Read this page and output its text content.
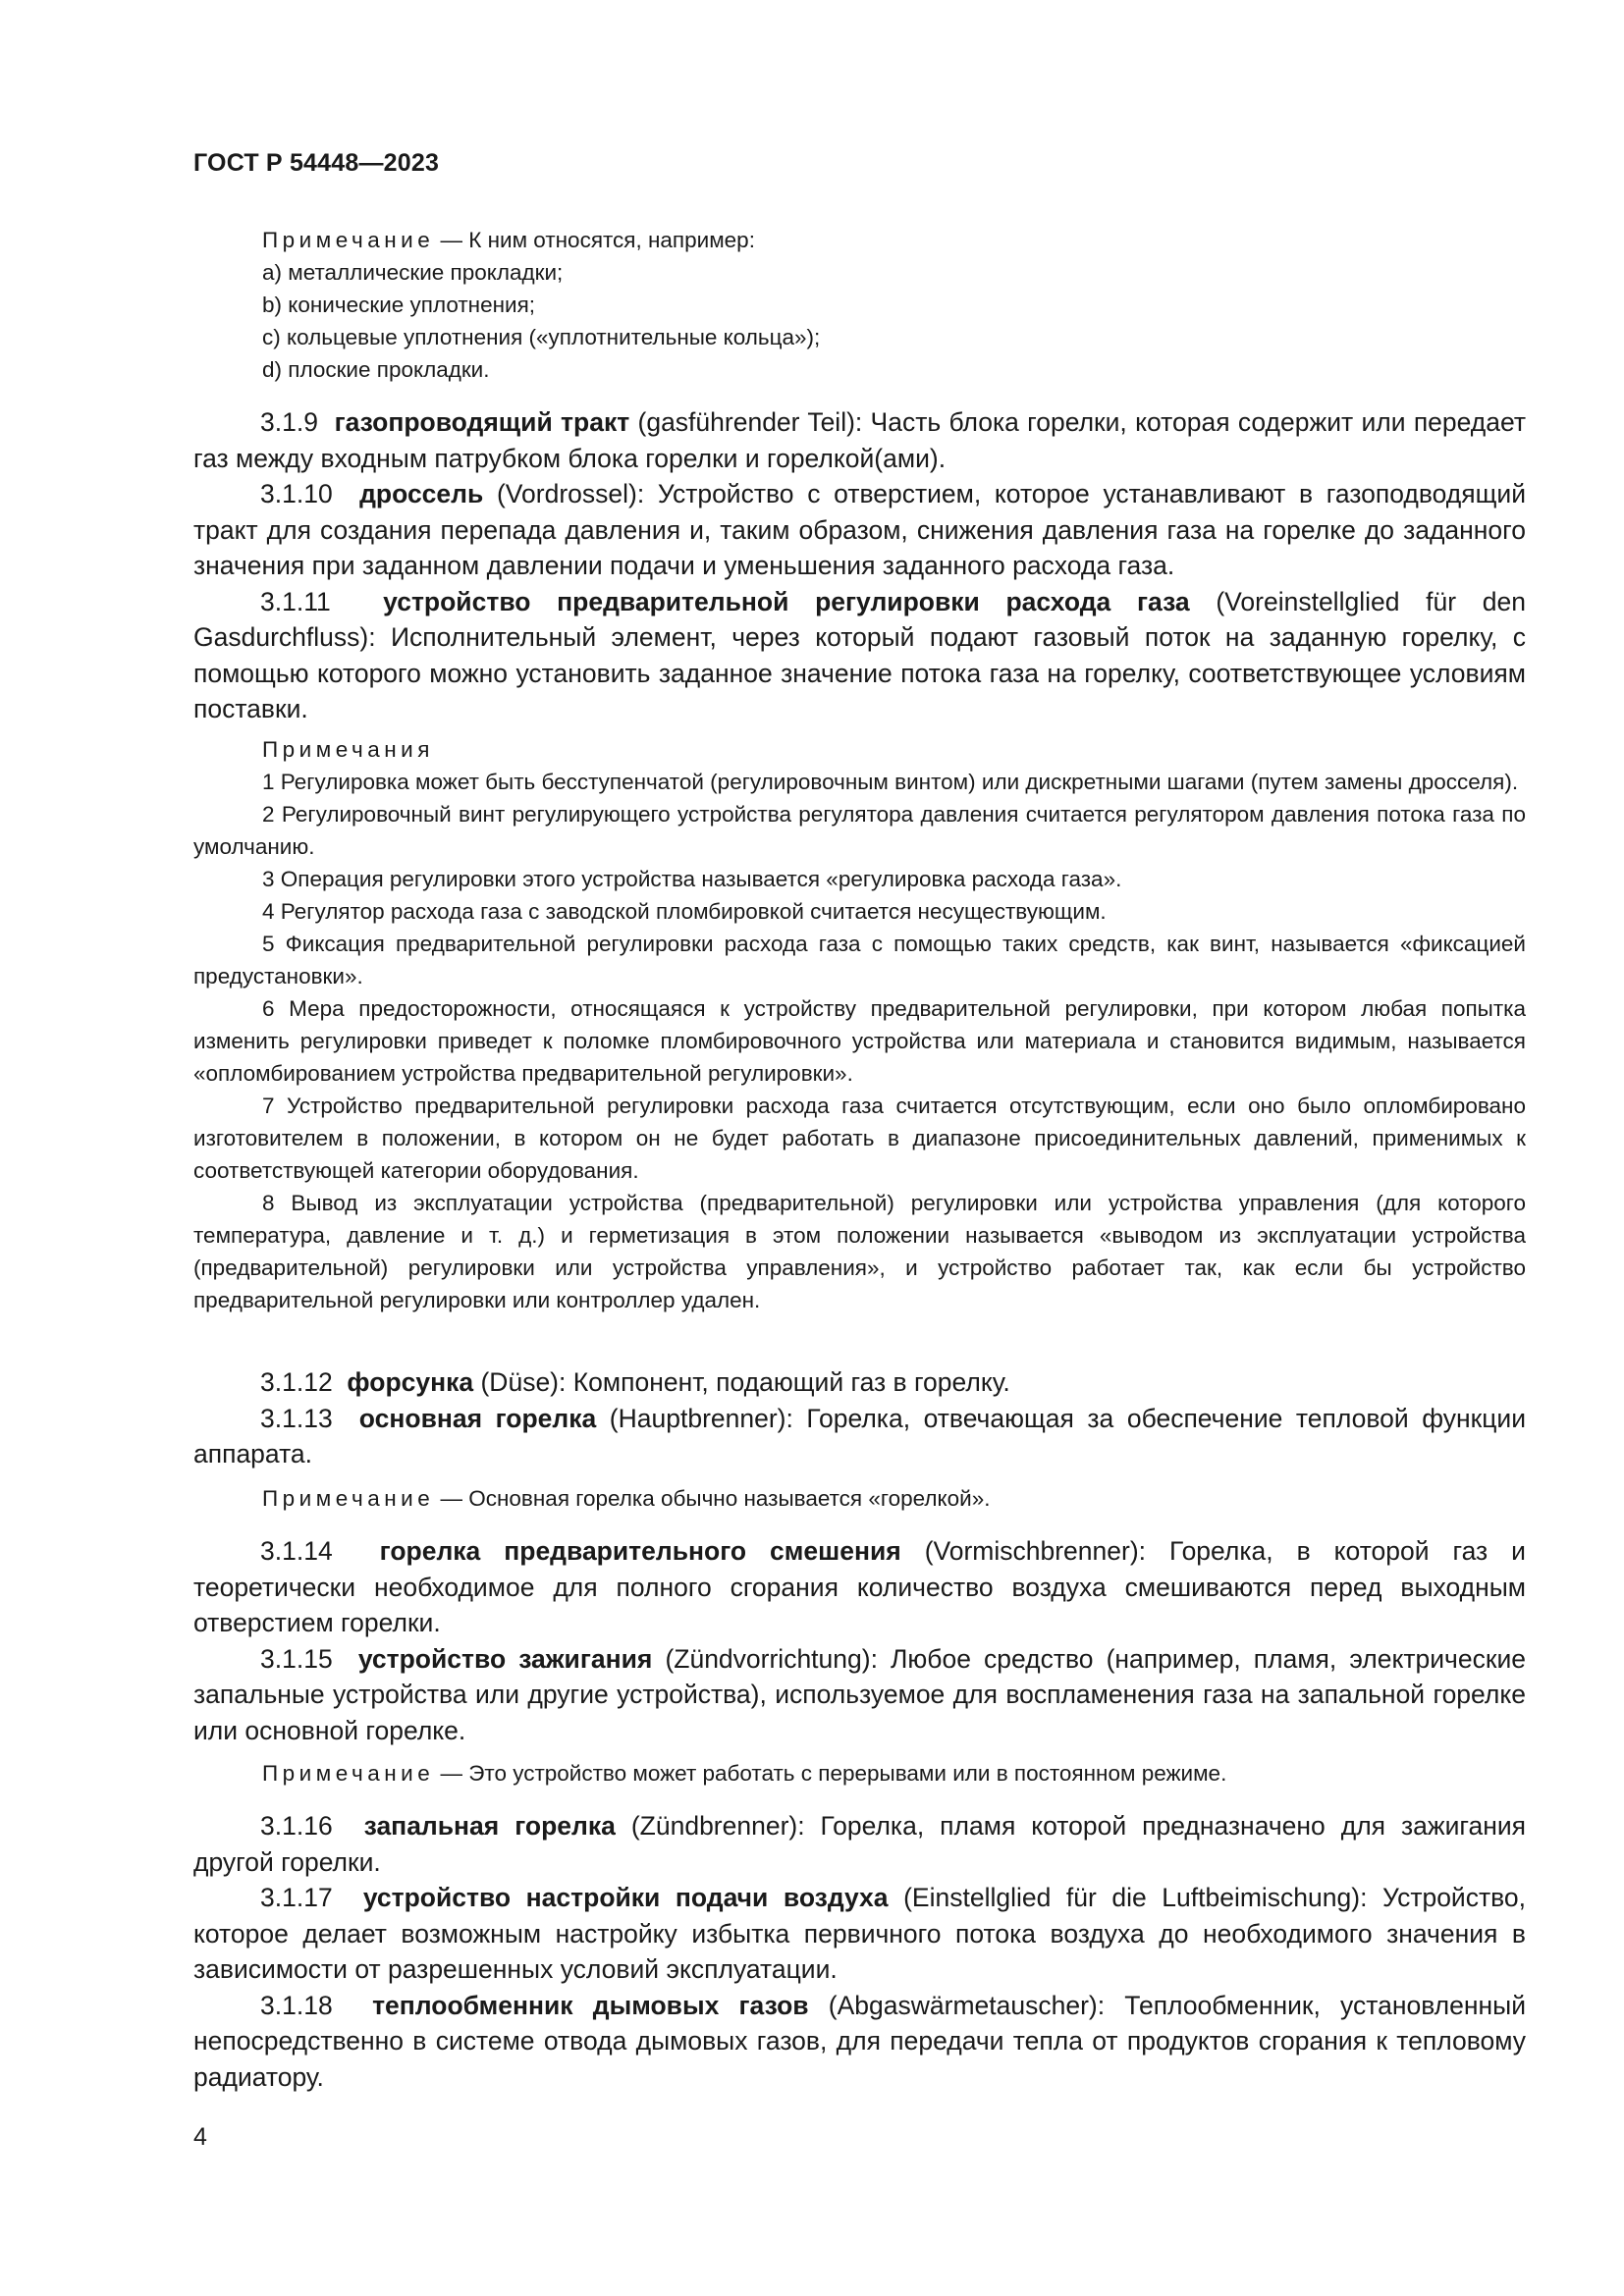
ГОСТ Р 54448—2023
Примечание — К ним относятся, например:
а) металлические прокладки;
b) конические уплотнения;
с) кольцевые уплотнения («уплотнительные кольца»);
d) плоские прокладки.

3.1.9 газопроводящий тракт (gasführender Teil): Часть блока горелки, которая содержит или передает газ между входным патрубком блока горелки и горелкой(ами).

3.1.10 дроссель (Vordrossel): Устройство с отверстием, которое устанавливают в газоподводящий тракт для создания перепада давления и, таким образом, снижения давления газа на горелке до заданного значения при заданном давлении подачи и уменьшения заданного расхода газа.

3.1.11 устройство предварительной регулировки расхода газа (Voreinstellglied für den Gasdurchfluss): Исполнительный элемент, через который подают газовый поток на заданную горелку, с помощью которого можно установить заданное значение потока газа на горелку, соответствующее условиям поставки.

Примечания

1 Регулировка может быть бесступенчатой (регулировочным винтом) или дискретными шагами (путем замены дросселя).

2 Регулировочный винт регулирующего устройства регулятора давления считается регулятором давления потока газа по умолчанию.

3 Операция регулировки этого устройства называется «регулировка расхода газа».

4 Регулятор расхода газа с заводской пломбировкой считается несуществующим.

5 Фиксация предварительной регулировки расхода газа с помощью таких средств, как винт, называется «фиксацией предустановки».

6 Мера предосторожности, относящаяся к устройству предварительной регулировки, при котором любая попытка изменить регулировки приведет к поломке пломбировочного устройства или материала и становится видимым, называется «опломбированием устройства предварительной регулировки».

7 Устройство предварительной регулировки расхода газа считается отсутствующим, если оно было опломбировано изготовителем в положении, в котором он не будет работать в диапазоне присоединительных давлений, применимых к соответствующей категории оборудования.

8 Вывод из эксплуатации устройства (предварительной) регулировки или устройства управления (для которого температура, давление и т. д.) и герметизация в этом положении называется «выводом из эксплуатации устройства (предварительной) регулировки или устройства управления», и устройство работает так, как если бы устройство предварительной регулировки или контроллер удален.

3.1.12 форсунка (Düse): Компонент, подающий газ в горелку.

3.1.13 основная горелка (Hauptbrenner): Горелка, отвечающая за обеспечение тепловой функции аппарата.

Примечание — Основная горелка обычно называется «горелкой».

3.1.14 горелка предварительного смешения (Vormischbrenner): Горелка, в которой газ и теоретически необходимое для полного сгорания количество воздуха смешиваются перед выходным отверстием горелки.

3.1.15 устройство зажигания (Zündvorrichtung): Любое средство (например, пламя, электрические запальные устройства или другие устройства), используемое для воспламенения газа на запальной горелке или основной горелке.

Примечание — Это устройство может работать с перерывами или в постоянном режиме.

3.1.16 запальная горелка (Zündbrenner): Горелка, пламя которой предназначено для зажигания другой горелки.

3.1.17 устройство настройки подачи воздуха (Einstellglied für die Luftbeimischung): Устройство, которое делает возможным настройку избытка первичного потока воздуха до необходимого значения в зависимости от разрешенных условий эксплуатации.

3.1.18 теплообменник дымовых газов (Abgaswärmetauscher): Теплообменник, установленный непосредственно в системе отвода дымовых газов, для передачи тепла от продуктов сгорания к тепловому радиатору.

4
